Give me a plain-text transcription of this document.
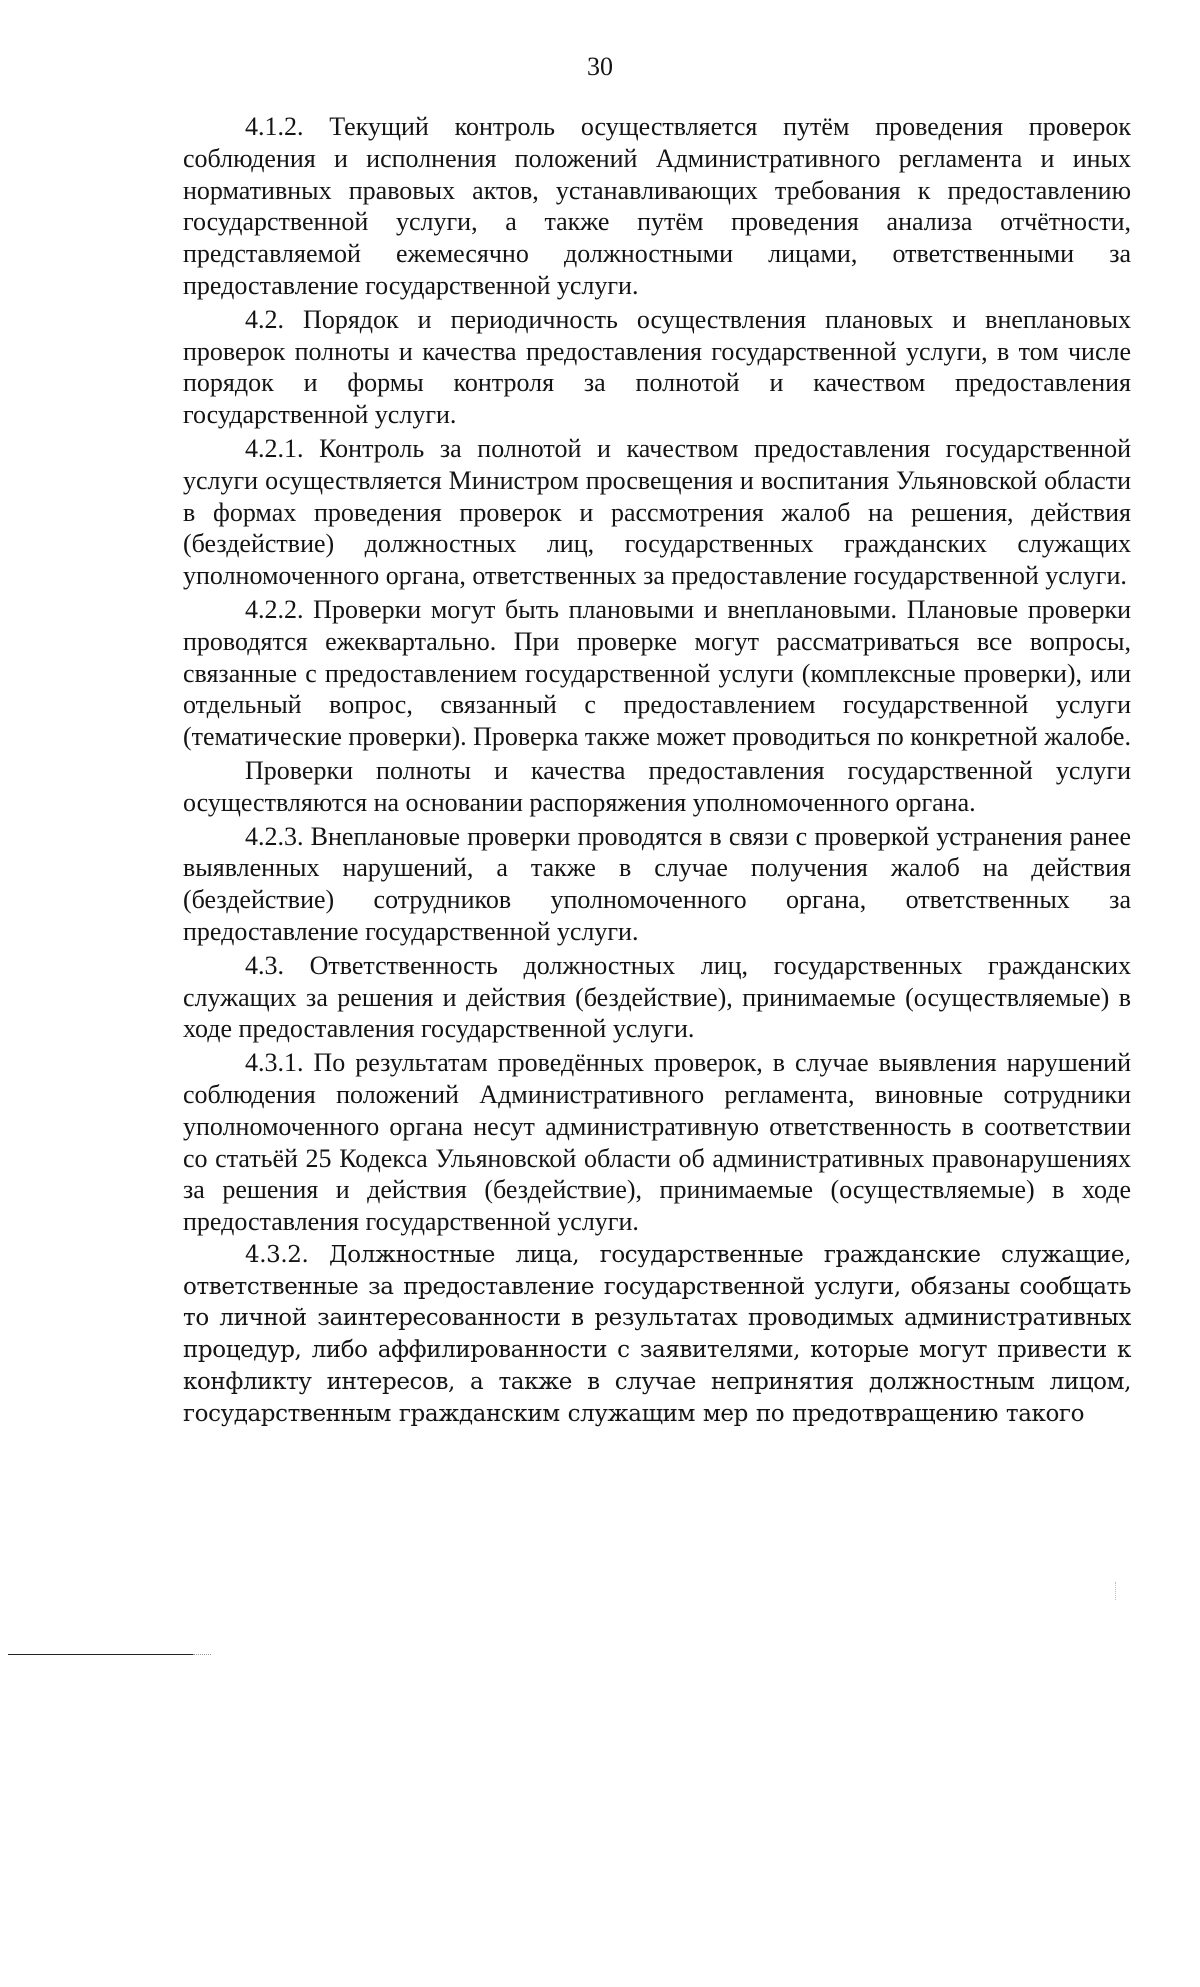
30

4.1.2. Текущий контроль осуществляется путём проведения проверок соблюдения и исполнения положений Административного регламента и иных нормативных правовых актов, устанавливающих требования к предоставлению государственной услуги, а также путём проведения анализа отчётности, представляемой ежемесячно должностными лицами, ответственными за предоставление государственной услуги.

4.2. Порядок и периодичность осуществления плановых и внеплановых проверок полноты и качества предоставления государственной услуги, в том числе порядок и формы контроля за полнотой и качеством предоставления государственной услуги.

4.2.1. Контроль за полнотой и качеством предоставления государственной услуги осуществляется Министром просвещения и воспитания Ульяновской области в формах проведения проверок и рассмотрения жалоб на решения, действия (бездействие) должностных лиц, государственных гражданских служащих уполномоченного органа, ответственных за предоставление государственной услуги.

4.2.2. Проверки могут быть плановыми и внеплановыми. Плановые проверки проводятся ежеквартально. При проверке могут рассматриваться все вопросы, связанные с предоставлением государственной услуги (комплексные проверки), или отдельный вопрос, связанный с предоставлением государственной услуги (тематические проверки). Проверка также может проводиться по конкретной жалобе.

Проверки полноты и качества предоставления государственной услуги осуществляются на основании распоряжения уполномоченного органа.

4.2.3. Внеплановые проверки проводятся в связи с проверкой устранения ранее выявленных нарушений, а также в случае получения жалоб на действия (бездействие) сотрудников уполномоченного органа, ответственных за предоставление государственной услуги.

4.3. Ответственность должностных лиц, государственных гражданских служащих за решения и действия (бездействие), принимаемые (осуществляемые) в ходе предоставления государственной услуги.

4.3.1. По результатам проведённых проверок, в случае выявления нарушений соблюдения положений Административного регламента, виновные сотрудники уполномоченного органа несут административную ответственность в соответствии со статьёй 25 Кодекса Ульяновской области об административных правонарушениях за решения и действия (бездействие), принимаемые (осуществляемые) в ходе предоставления государственной услуги.

4.3.2. Должностные лица, государственные гражданские служащие, ответственные за предоставление государственной услуги, обязаны сообщать то личной заинтересованности в результатах проводимых административных процедур, либо аффилированности с заявителями, которые могут привести к конфликту интересов, а также в случае непринятия должностным лицом, государственным гражданским служащим мер по предотвращению такого
